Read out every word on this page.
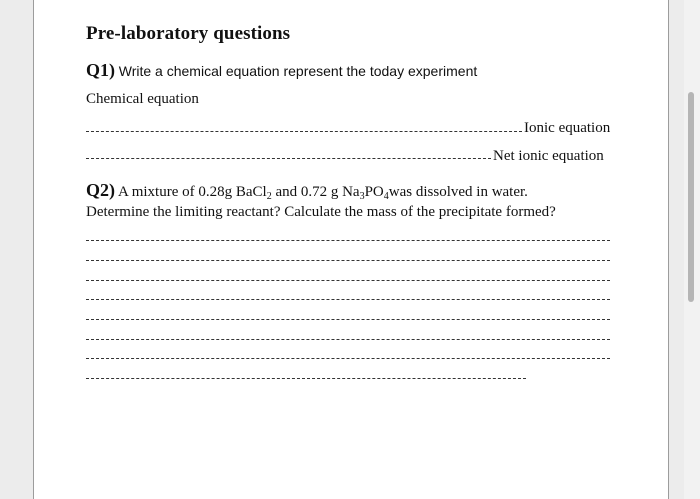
Pre-laboratory questions
Q1) Write a chemical equation represent the today experiment
Chemical equation
Ionic equation
Net ionic equation
Q2) A mixture of 0.28g BaCl$_2$ and 0.72 g $Na_3PO_4was$ dissolved in water.
Determine the limiting reactant? Calculate the mass of the precipitate formed?
